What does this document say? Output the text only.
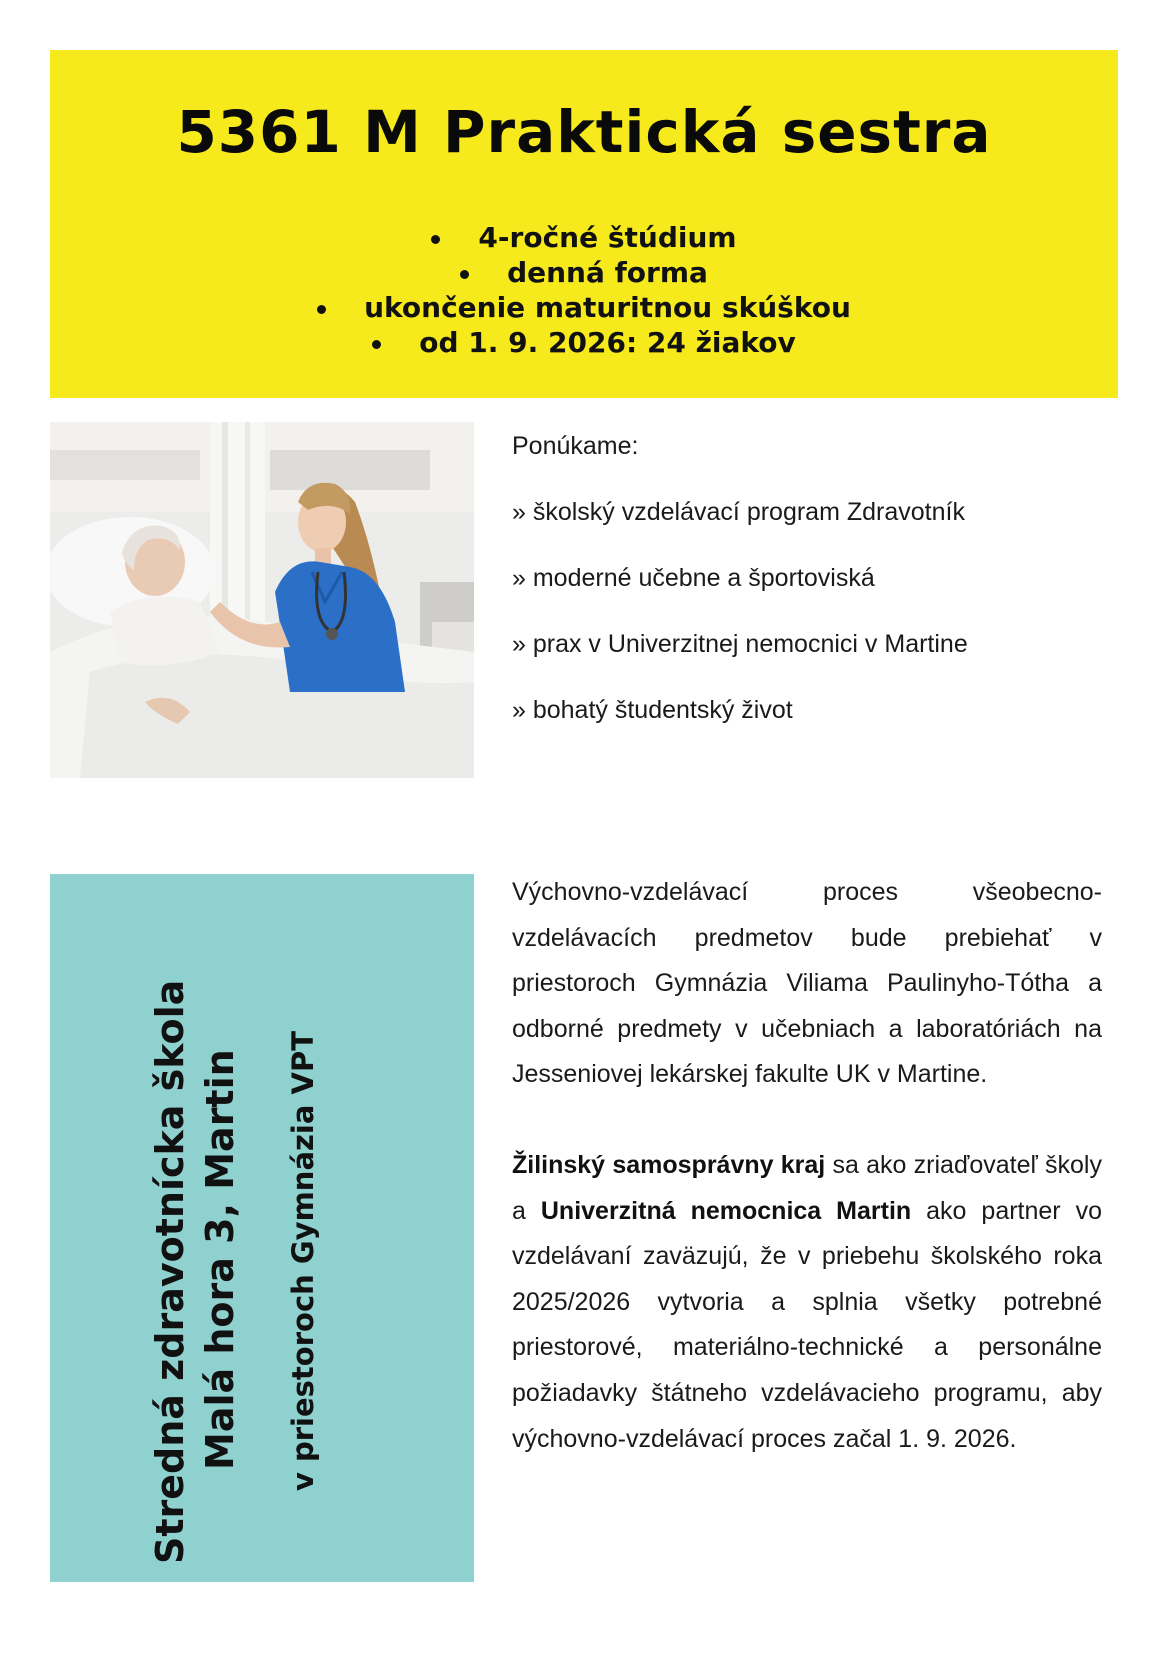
5361 M Praktická sestra
4-ročné štúdium
denná forma
ukončenie maturitnou skúškou
od 1. 9. 2026: 24 žiakov

Ponúkame:

» školský vzdelávací program Zdravotník
» moderné učebne a športoviská
» prax v Univerzitnej nemocnici v Martine
» bohatý študentský život
Stredná zdravotnícka škola Malá hora 3, Martin	v priestoroch Gymnázia VPT

Výchovno-vzdelávací proces všeobecno-vzdelávacích predmetov bude prebiehať v priestoroch Gymnázia Viliama Paulinyho-Tótha a odborné predmety v učebniach a laboratóriách na Jesseniovej lekárskej fakulte UK v Martine.

Žilinský samosprávny kraj sa ako zriaďovateľ školy a Univerzitná nemocnica Martin ako partner vo vzdelávaní zaväzujú, že v priebehu školského roka 2025/2026 vytvoria a splnia všetky potrebné priestorové, materiálno-technické a personálne požiadavky štátneho vzdelávacieho programu, aby výchovno-vzdelávací proces začal 1. 9. 2026.
